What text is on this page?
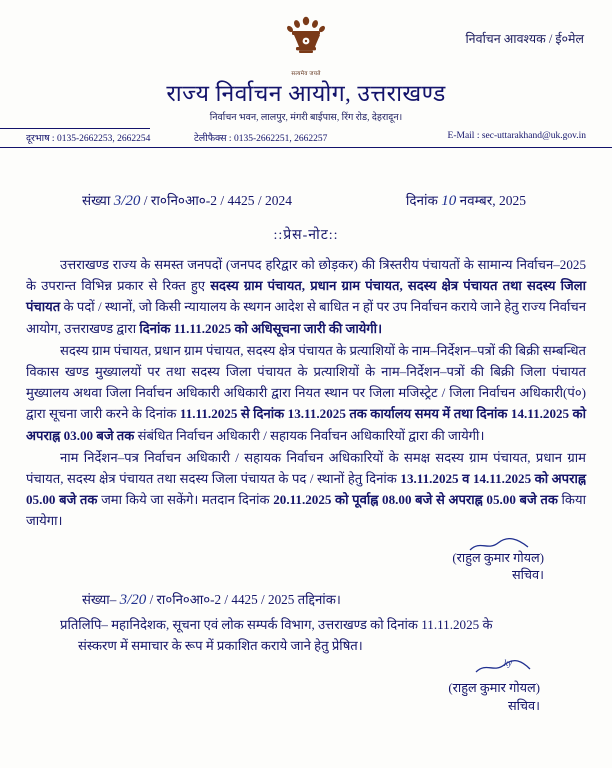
सत्यमेव जयते
निर्वाचन आवश्यक / ई०मेल
राज्य निर्वाचन आयोग, उत्तराखण्ड
निर्वाचन भवन, लालपुर, मंगरी बाईपास, रिंग रोड, देहरादून।
दूरभाष : 0135-2662253, 2662254	टेलीफैक्स : 0135-2662251, 2662257	E-Mail : sec-uttarakhand@uk.gov.in
संख्या 3/20 / रा०नि०आ०-2 / 4425 / 2024	दिनांक 10 नवम्बर, 2025
::प्रेस-नोट::

उत्तराखण्ड राज्य के समस्त जनपदों (जनपद हरिद्वार को छोड़कर) की त्रिस्तरीय पंचायतों के सामान्य निर्वाचन–2025 के उपरान्त विभिन्न प्रकार से रिक्त हुए सदस्य ग्राम पंचायत, प्रधान ग्राम पंचायत, सदस्य क्षेत्र पंचायत तथा सदस्य जिला पंचायत के पदों / स्थानों, जो किसी न्यायालय के स्थगन आदेश से बाधित न हों पर उप निर्वाचन कराये जाने हेतु राज्य निर्वाचन आयोग, उत्तराखण्ड द्वारा दिनांक 11.11.2025 को अधिसूचना जारी की जायेगी।

सदस्य ग्राम पंचायत, प्रधान ग्राम पंचायत, सदस्य क्षेत्र पंचायत के प्रत्याशियों के नाम–निर्देशन–पत्रों की बिक्री सम्बन्धित विकास खण्ड मुख्यालयों पर तथा सदस्य जिला पंचायत के प्रत्याशियों के नाम–निर्देशन–पत्रों की बिक्री जिला पंचायत मुख्यालय अथवा जिला निर्वाचन अधिकारी अधिकारी द्वारा नियत स्थान पर जिला मजिस्ट्रेट / जिला निर्वाचन अधिकारी(पं०) द्वारा सूचना जारी करने के दिनांक 11.11.2025 से दिनांक 13.11.2025 तक कार्यालय समय में तथा दिनांक 14.11.2025 को अपराह्न 03.00 बजे तक संबंधित निर्वाचन अधिकारी / सहायक निर्वाचन अधिकारियों द्वारा की जायेगी।

नाम निर्देशन–पत्र निर्वाचन अधिकारी / सहायक निर्वाचन अधिकारियों के समक्ष सदस्य ग्राम पंचायत, प्रधान ग्राम पंचायत, सदस्य क्षेत्र पंचायत तथा सदस्य जिला पंचायत के पद / स्थानों हेतु दिनांक 13.11.2025 व 14.11.2025 को अपराह्न 05.00 बजे तक जमा किये जा सकेंगे। मतदान दिनांक 20.11.2025 को पूर्वाह्न 08.00 बजे से अपराह्न 05.00 बजे तक किया जायेगा।

(राहुल कुमार गोयल)
सचिव।
संख्या– 3/20 / रा०नि०आ०-2 / 4425 / 2025 तद्दिनांक।

प्रतिलिपि– महानिदेशक, सूचना एवं लोक सम्पर्क विभाग, उत्तराखण्ड को दिनांक 11.11.2025 के

संस्करण में समाचार के रूप में प्रकाशित कराये जाने हेतु प्रेषित।

ky
(राहुल कुमार गोयल)
सचिव।
